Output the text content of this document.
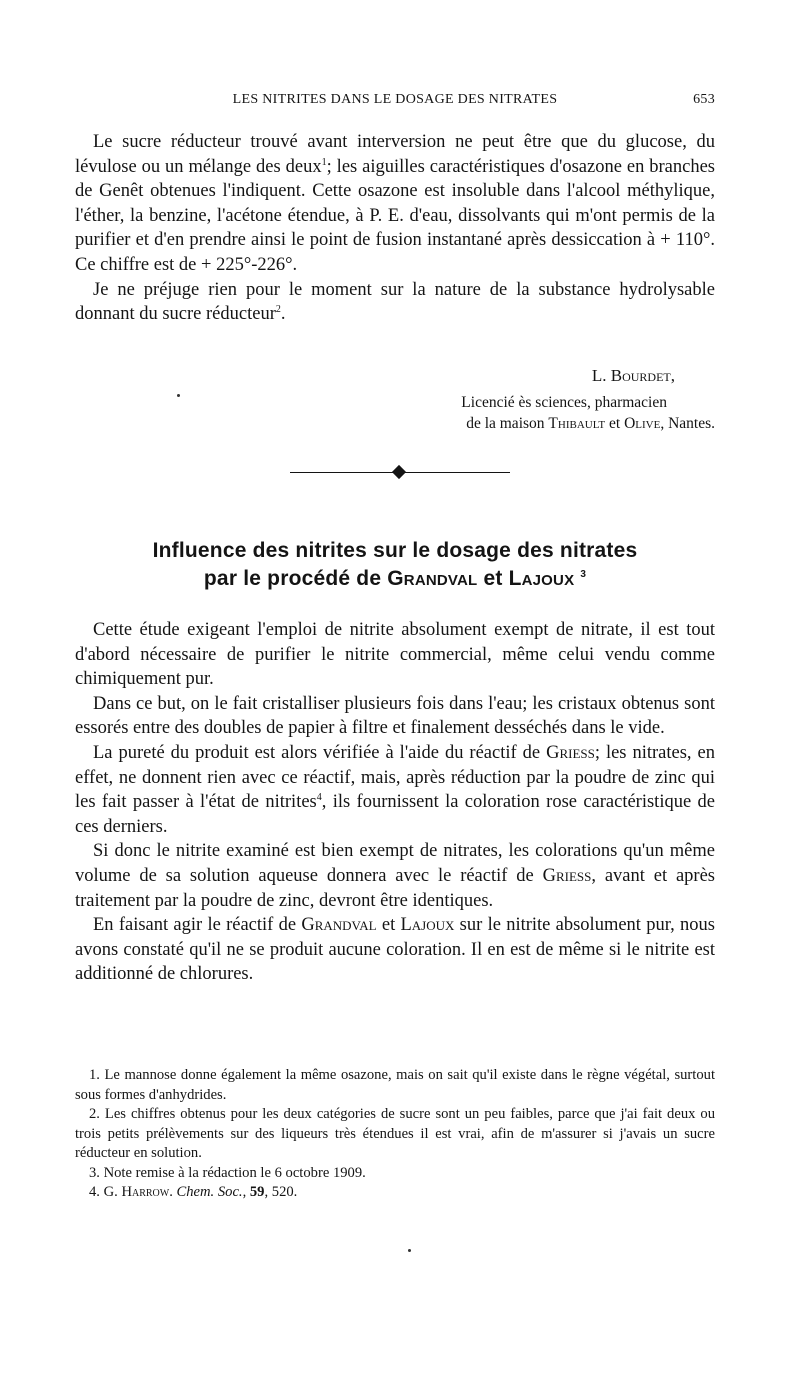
LES NITRITES DANS LE DOSAGE DES NITRATES	653

Le sucre réducteur trouvé avant interversion ne peut être que du glucose, du lévulose ou un mélange des deux$^1$; les aiguilles caractéristiques d'osazone en branches de Genêt obtenues l'indiquent. Cette osazone est insoluble dans l'alcool méthylique, l'éther, la benzine, l'acétone étendue, à P. E. d'eau, dissolvants qui m'ont permis de la purifier et d'en prendre ainsi le point de fusion instantané après dessiccation à + 110°. Ce chiffre est de + 225°-226°.

Je ne préjuge rien pour le moment sur la nature de la substance hydrolysable donnant du sucre réducteur$^2$.

L. Bourdet,
Licencié ès sciences, pharmacien
de la maison Thibault et Olive, Nantes.
Influence des nitrites sur le dosage des nitrates
par le procédé de Grandval et Lajoux $^3$

Cette étude exigeant l'emploi de nitrite absolument exempt de nitrate, il est tout d'abord nécessaire de purifier le nitrite commercial, même celui vendu comme chimiquement pur.

Dans ce but, on le fait cristalliser plusieurs fois dans l'eau; les cristaux obtenus sont essorés entre des doubles de papier à filtre et finalement desséchés dans le vide.

La pureté du produit est alors vérifiée à l'aide du réactif de Griess; les nitrates, en effet, ne donnent rien avec ce réactif, mais, après réduction par la poudre de zinc qui les fait passer à l'état de nitrites$^4$, ils fournissent la coloration rose caractéristique de ces derniers.

Si donc le nitrite examiné est bien exempt de nitrates, les colorations qu'un même volume de sa solution aqueuse donnera avec le réactif de Griess, avant et après traitement par la poudre de zinc, devront être identiques.

En faisant agir le réactif de Grandval et Lajoux sur le nitrite absolument pur, nous avons constaté qu'il ne se produit aucune coloration. Il en est de même si le nitrite est additionné de chlorures.

1. Le mannose donne également la même osazone, mais on sait qu'il existe dans le règne végétal, surtout sous formes d'anhydrides.

2. Les chiffres obtenus pour les deux catégories de sucre sont un peu faibles, parce que j'ai fait deux ou trois petits prélèvements sur des liqueurs très étendues il est vrai, afin de m'assurer si j'avais un sucre réducteur en solution.

3. Note remise à la rédaction le 6 octobre 1909.

4. G. Harrow. Chem. Soc., 59, 520.
